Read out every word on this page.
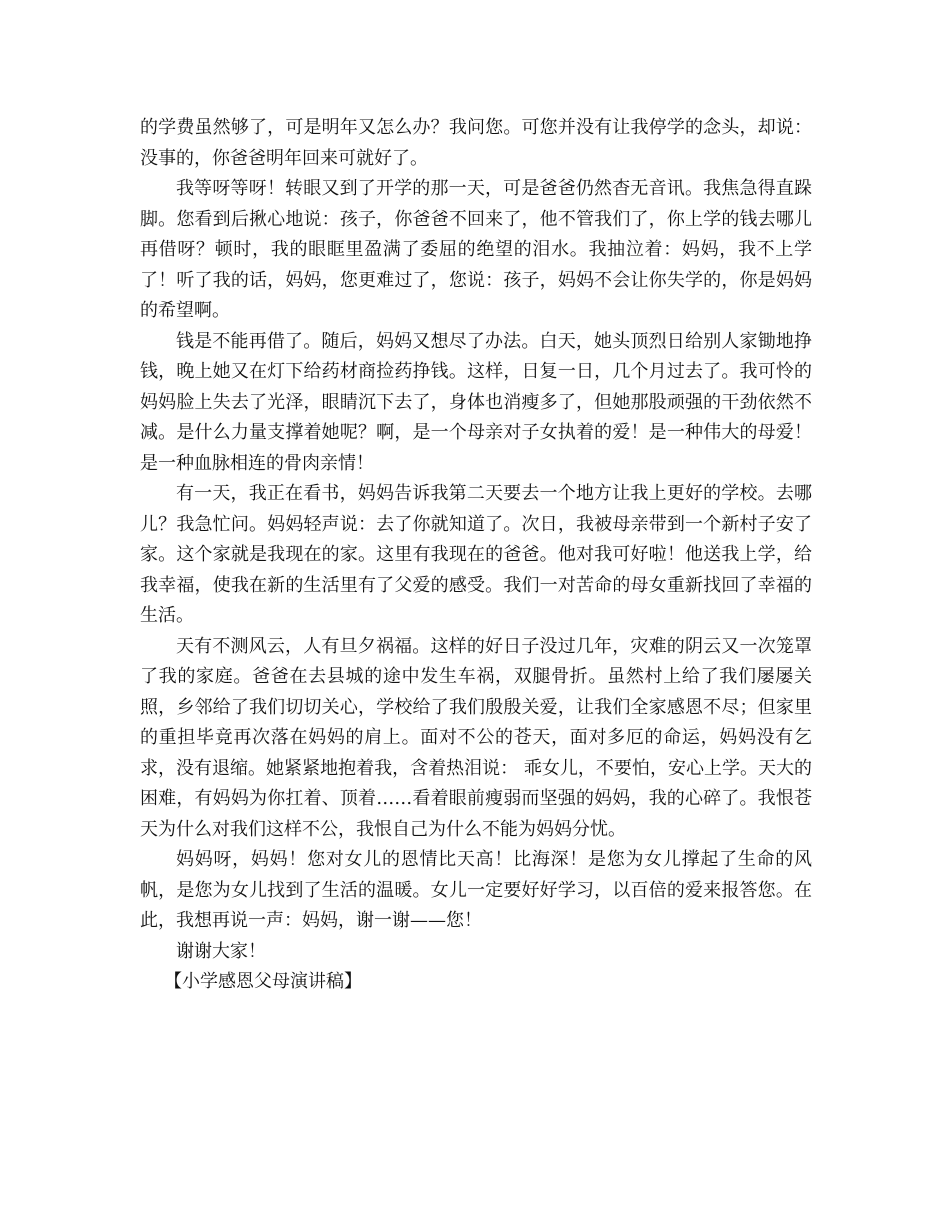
的学费虽然够了，可是明年又怎么办？我问您。可您并没有让我停学的念头，却说：没事的，你爸爸明年回来可就好了。

我等呀等呀！转眼又到了开学的那一天，可是爸爸仍然杳无音讯。我焦急得直跺脚。您看到后揪心地说：孩子，你爸爸不回来了，他不管我们了，你上学的钱去哪儿再借呀？顿时，我的眼眶里盈满了委屈的绝望的泪水。我抽泣着：妈妈，我不上学了！听了我的话，妈妈，您更难过了，您说：孩子，妈妈不会让你失学的，你是妈妈的希望啊。

钱是不能再借了。随后，妈妈又想尽了办法。白天，她头顶烈日给别人家锄地挣钱，晚上她又在灯下给药材商捡药挣钱。这样，日复一日，几个月过去了。我可怜的妈妈脸上失去了光泽，眼睛沉下去了，身体也消瘦多了，但她那股顽强的干劲依然不减。是什么力量支撑着她呢？啊，是一个母亲对子女执着的爱！是一种伟大的母爱！是一种血脉相连的骨肉亲情！

有一天，我正在看书，妈妈告诉我第二天要去一个地方让我上更好的学校。去哪儿？我急忙问。妈妈轻声说：去了你就知道了。次日，我被母亲带到一个新村子安了家。这个家就是我现在的家。这里有我现在的爸爸。他对我可好啦！他送我上学，给我幸福，使我在新的生活里有了父爱的感受。我们一对苦命的母女重新找回了幸福的生活。

天有不测风云，人有旦夕祸福。这样的好日子没过几年，灾难的阴云又一次笼罩了我的家庭。爸爸在去县城的途中发生车祸，双腿骨折。虽然村上给了我们屡屡关照，乡邻给了我们切切关心，学校给了我们殷殷关爱，让我们全家感恩不尽；但家里的重担毕竟再次落在妈妈的肩上。面对不公的苍天，面对多厄的命运，妈妈没有乞求，没有退缩。她紧紧地抱着我，含着热泪说： 乖女儿，不要怕，安心上学。天大的困难，有妈妈为你扛着、顶着……看着眼前瘦弱而坚强的妈妈，我的心碎了。我恨苍天为什么对我们这样不公，我恨自己为什么不能为妈妈分忧。

妈妈呀，妈妈！您对女儿的恩情比天高！比海深！是您为女儿撑起了生命的风帆，是您为女儿找到了生活的温暖。女儿一定要好好学习，以百倍的爱来报答您。在此，我想再说一声：妈妈，谢一谢——您！

谢谢大家！

【小学感恩父母演讲稿】
